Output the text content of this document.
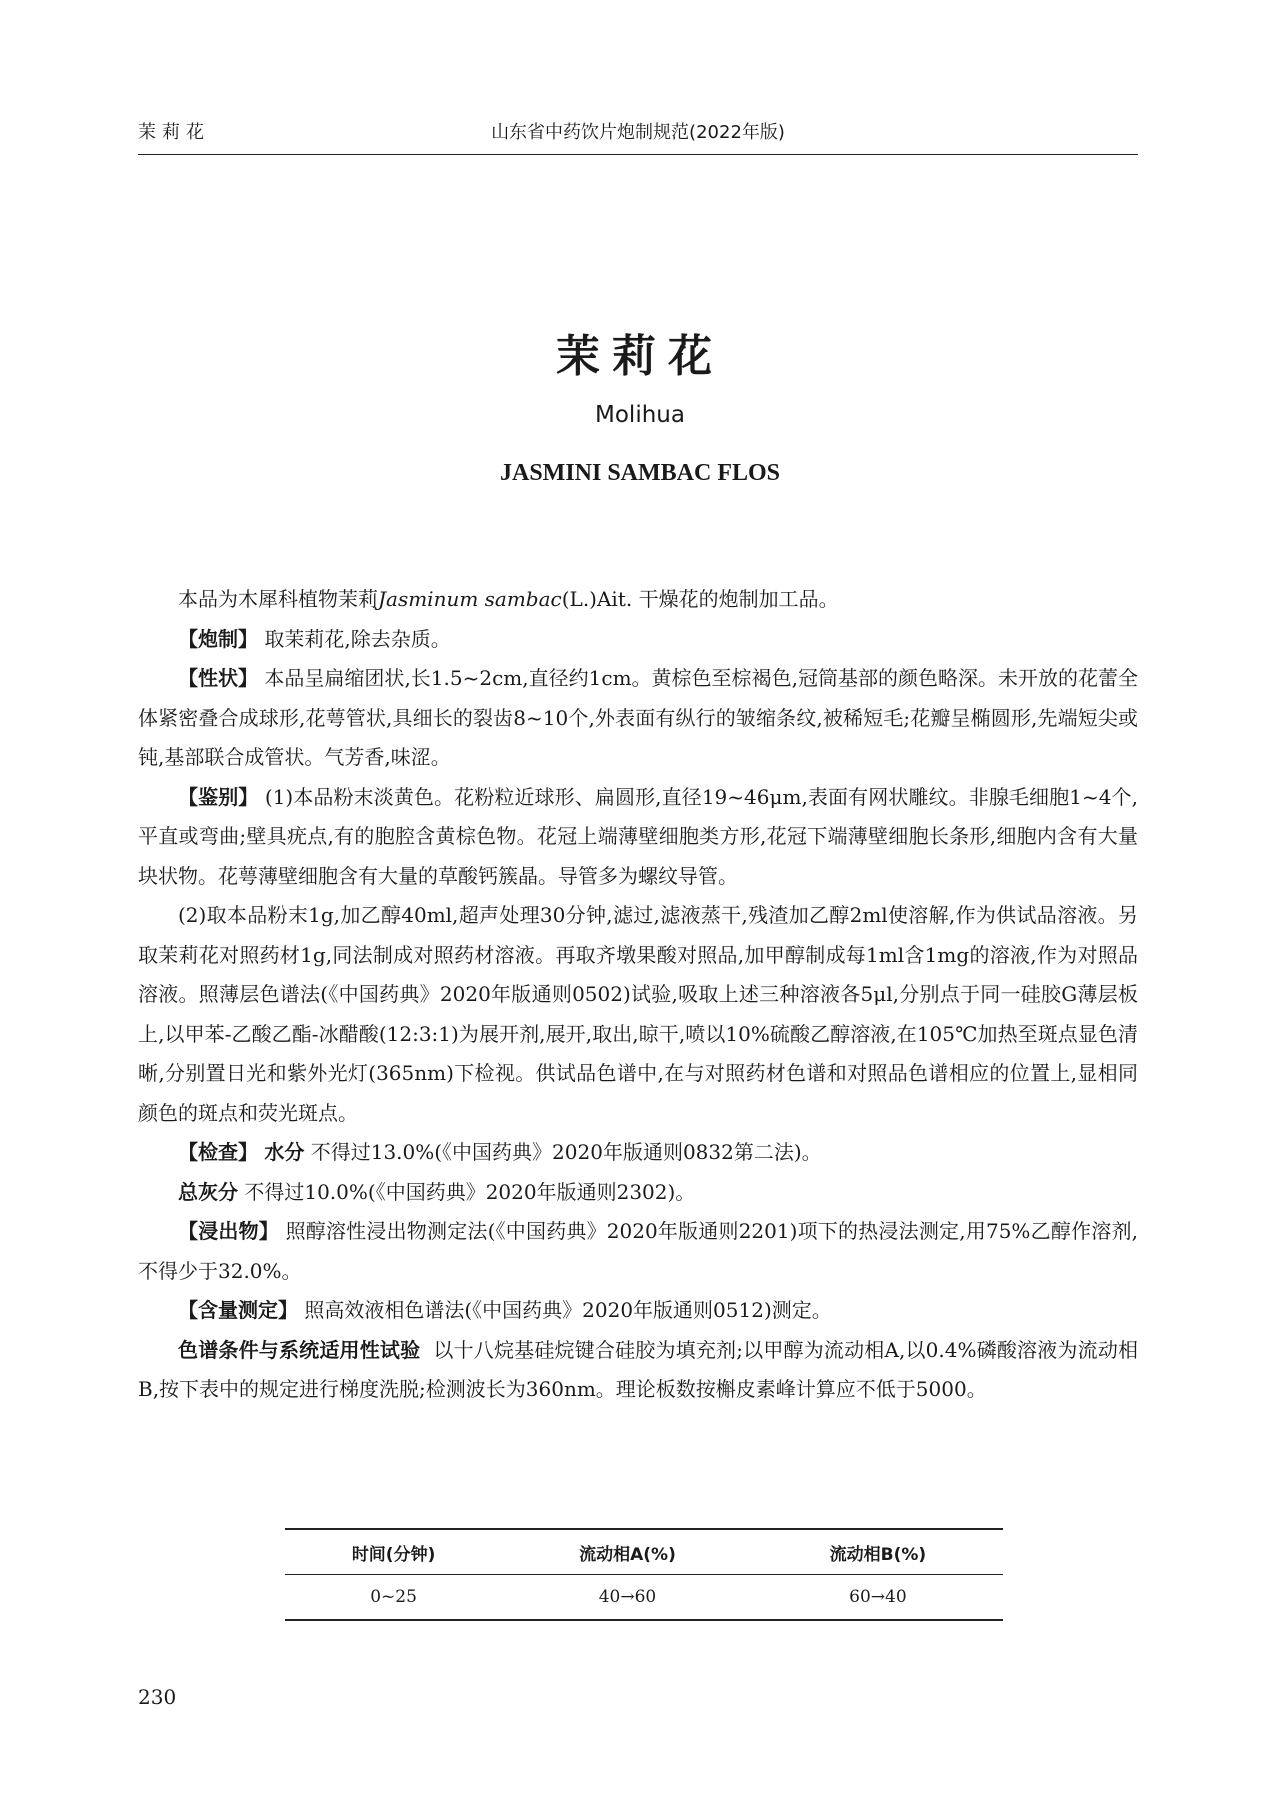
茉莉花	山东省中药饮片炮制规范(2022年版)
茉莉花
Molihua
JASMINI SAMBAC FLOS

本品为木犀科植物茉莉Jasminum sambac(L.)Ait. 干燥花的炮制加工品。

【炮制】 取茉莉花,除去杂质。

【性状】 本品呈扁缩团状,长1.5~2cm,直径约1cm。黄棕色至棕褐色,冠筒基部的颜色略深。未开放的花蕾全体紧密叠合成球形,花萼管状,具细长的裂齿8~10个,外表面有纵行的皱缩条纹,被稀短毛;花瓣呈椭圆形,先端短尖或钝,基部联合成管状。气芳香,味涩。

【鉴别】 (1)本品粉末淡黄色。花粉粒近球形、扁圆形,直径19~46μm,表面有网状雕纹。非腺毛细胞1~4个,平直或弯曲;壁具疣点,有的胞腔含黄棕色物。花冠上端薄壁细胞类方形,花冠下端薄壁细胞长条形,细胞内含有大量块状物。花萼薄壁细胞含有大量的草酸钙簇晶。导管多为螺纹导管。

(2)取本品粉末1g,加乙醇40ml,超声处理30分钟,滤过,滤液蒸干,残渣加乙醇2ml使溶解,作为供试品溶液。另取茉莉花对照药材1g,同法制成对照药材溶液。再取齐墩果酸对照品,加甲醇制成每1ml含1mg的溶液,作为对照品溶液。照薄层色谱法(《中国药典》2020年版通则0502)试验,吸取上述三种溶液各5μl,分别点于同一硅胶G薄层板上,以甲苯-乙酸乙酯-冰醋酸(12:3:1)为展开剂,展开,取出,晾干,喷以10%硫酸乙醇溶液,在105℃加热至斑点显色清晰,分别置日光和紫外光灯(365nm)下检视。供试品色谱中,在与对照药材色谱和对照品色谱相应的位置上,显相同颜色的斑点和荧光斑点。

【检查】 水分 不得过13.0%(《中国药典》2020年版通则0832第二法)。

总灰分 不得过10.0%(《中国药典》2020年版通则2302)。

【浸出物】 照醇溶性浸出物测定法(《中国药典》2020年版通则2201)项下的热浸法测定,用75%乙醇作溶剂,不得少于32.0%。

【含量测定】 照高效液相色谱法(《中国药典》2020年版通则0512)测定。

色谱条件与系统适用性试验 以十八烷基硅烷键合硅胶为填充剂;以甲醇为流动相A,以0.4%磷酸溶液为流动相B,按下表中的规定进行梯度洗脱;检测波长为360nm。理论板数按槲皮素峰计算应不低于5000。

时间(分钟)	流动相A(%)	流动相B(%)
0~25	40→60	60→40
230
